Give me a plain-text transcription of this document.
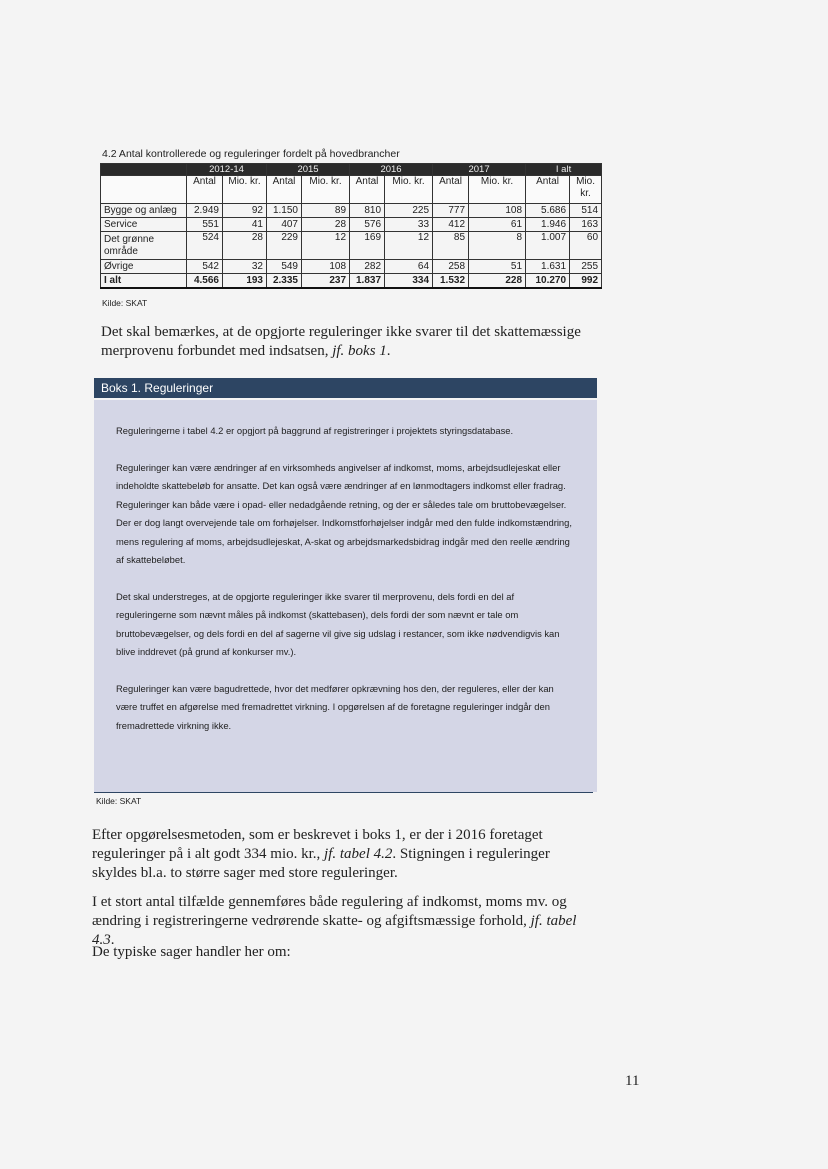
4.2 Antal kontrollerede og reguleringer fordelt på hovedbrancher
	2012-14		2015		2016		2017		I alt	
	Antal	Mio. kr.	Antal	Mio. kr.	Antal	Mio. kr.	Antal	Mio. kr.	Antal	Mio. kr.
Bygge og anlæg	2.949	92	1.150	89	810	225	777	108	5.686	514
Service	551	41	407	28	576	33	412	61	1.946	163
Det grønne område	524	28	229	12	169	12	85	8	1.007	60
Øvrige	542	32	549	108	282	64	258	51	1.631	255
I alt	4.566	193	2.335	237	1.837	334	1.532	228	10.270	992
Kilde: SKAT

Det skal bemærkes, at de opgjorte reguleringer ikke svarer til det skattemæssige merprovenu forbundet med indsatsen, jf. boks 1.

Boks 1. Reguleringer

Reguleringerne i tabel 4.2 er opgjort på baggrund af registreringer i projektets styringsdatabase.

Reguleringer kan være ændringer af en virksomheds angivelser af indkomst, moms, arbejdsudlejeskat eller indeholdte skattebeløb for ansatte. Det kan også være ændringer af en lønmodtagers indkomst eller fradrag. Reguleringer kan både være i opad- eller nedadgående retning, og der er således tale om bruttobevægelser. Der er dog langt overvejende tale om forhøjelser. Indkomstforhøjelser indgår med den fulde indkomstændring, mens regulering af moms, arbejdsudlejeskat, A-skat og arbejdsmarkedsbidrag indgår med den reelle ændring af skattebeløbet.

Det skal understreges, at de opgjorte reguleringer ikke svarer til merprovenu, dels fordi en del af reguleringerne som nævnt måles på indkomst (skattebasen), dels fordi der som nævnt er tale om bruttobevægelser, og dels fordi en del af sagerne vil give sig udslag i restancer, som ikke nødvendigvis kan blive inddrevet (på grund af konkurser mv.).

Reguleringer kan være bagudrettede, hvor det medfører opkrævning hos den, der reguleres, eller der kan være truffet en afgørelse med fremadrettet virkning. I opgørelsen af de foretagne reguleringer indgår den fremadrettede virkning ikke.

Kilde: SKAT

Efter opgørelsesmetoden, som er beskrevet i boks 1, er der i 2016 foretaget reguleringer på i alt godt 334 mio. kr., jf. tabel 4.2. Stigningen i reguleringer skyldes bl.a. to større sager med store reguleringer.

I et stort antal tilfælde gennemføres både regulering af indkomst, moms mv. og ændring i registreringerne vedrørende skatte- og afgiftsmæssige forhold, jf. tabel 4.3.

De typiske sager handler her om:

11
